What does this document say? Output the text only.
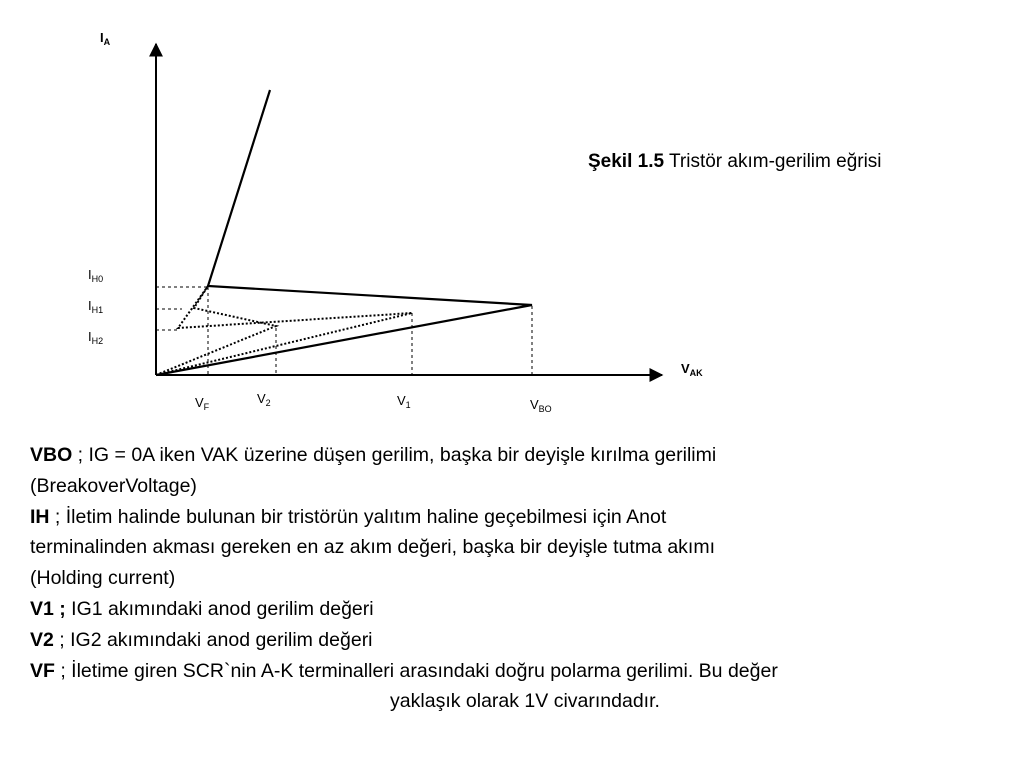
$I_A$
$V_{AK}$
$I_{H0}$
$I_{H1}$
$I_{H2}$
$V_F$
$V_2$	$V_1$	$V_{BO}$
Şekil 1.5 Tristör akım-gerilim eğrisi
VBO ; IG = 0A iken VAK üzerine düşen gerilim, başka bir deyişle kırılma gerilimi
(BreakoverVoltage)
IH ; İletim halinde bulunan bir tristörün yalıtım haline geçebilmesi için Anot
terminalinden akması gereken en az akım değeri, başka bir deyişle tutma akımı
(Holding current)
V1 ; IG1 akımındaki anod gerilim değeri
V2 ; IG2 akımındaki anod gerilim değeri
VF ; İletime giren SCR`nin A-K terminalleri arasındaki doğru polarma gerilimi. Bu değer
yaklaşık olarak 1V civarındadır.
